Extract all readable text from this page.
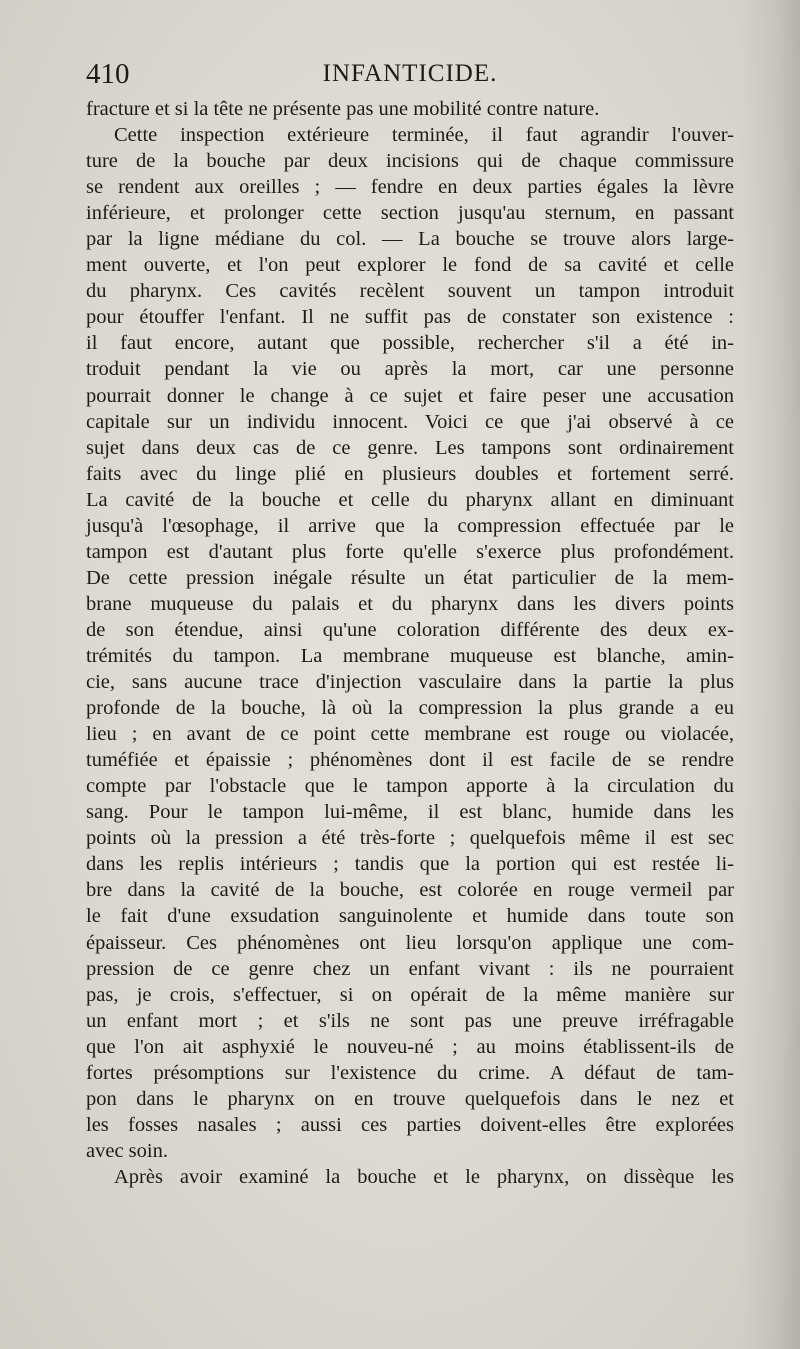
410	INFANTICIDE.
fracture et si la tête ne présente pas une mobilité contre nature.
Cette inspection extérieure terminée, il faut agrandir l'ouver-
ture de la bouche par deux incisions qui de chaque commissure
se rendent aux oreilles ; — fendre en deux parties égales la lèvre
inférieure, et prolonger cette section jusqu'au sternum, en passant
par la ligne médiane du col. — La bouche se trouve alors large-
ment ouverte, et l'on peut explorer le fond de sa cavité et celle
du pharynx. Ces cavités recèlent souvent un tampon introduit
pour étouffer l'enfant. Il ne suffit pas de constater son existence :
il faut encore, autant que possible, rechercher s'il a été in-
troduit pendant la vie ou après la mort, car une personne
pourrait donner le change à ce sujet et faire peser une accusation
capitale sur un individu innocent. Voici ce que j'ai observé à ce
sujet dans deux cas de ce genre. Les tampons sont ordinairement
faits avec du linge plié en plusieurs doubles et fortement serré.
La cavité de la bouche et celle du pharynx allant en diminuant
jusqu'à l'œsophage, il arrive que la compression effectuée par le
tampon est d'autant plus forte qu'elle s'exerce plus profondément.
De cette pression inégale résulte un état particulier de la mem-
brane muqueuse du palais et du pharynx dans les divers points
de son étendue, ainsi qu'une coloration différente des deux ex-
trémités du tampon. La membrane muqueuse est blanche, amin-
cie, sans aucune trace d'injection vasculaire dans la partie la plus
profonde de la bouche, là où la compression la plus grande a eu
lieu ; en avant de ce point cette membrane est rouge ou violacée,
tuméfiée et épaissie ; phénomènes dont il est facile de se rendre
compte par l'obstacle que le tampon apporte à la circulation du
sang. Pour le tampon lui-même, il est blanc, humide dans les
points où la pression a été très-forte ; quelquefois même il est sec
dans les replis intérieurs ; tandis que la portion qui est restée li-
bre dans la cavité de la bouche, est colorée en rouge vermeil par
le fait d'une exsudation sanguinolente et humide dans toute son
épaisseur. Ces phénomènes ont lieu lorsqu'on applique une com-
pression de ce genre chez un enfant vivant : ils ne pourraient
pas, je crois, s'effectuer, si on opérait de la même manière sur
un enfant mort ; et s'ils ne sont pas une preuve irréfragable
que l'on ait asphyxié le nouveu-né ; au moins établissent-ils de
fortes présomptions sur l'existence du crime. A défaut de tam-
pon dans le pharynx on en trouve quelquefois dans le nez et
les fosses nasales ; aussi ces parties doivent-elles être explorées
avec soin.
Après avoir examiné la bouche et le pharynx, on dissèque les
